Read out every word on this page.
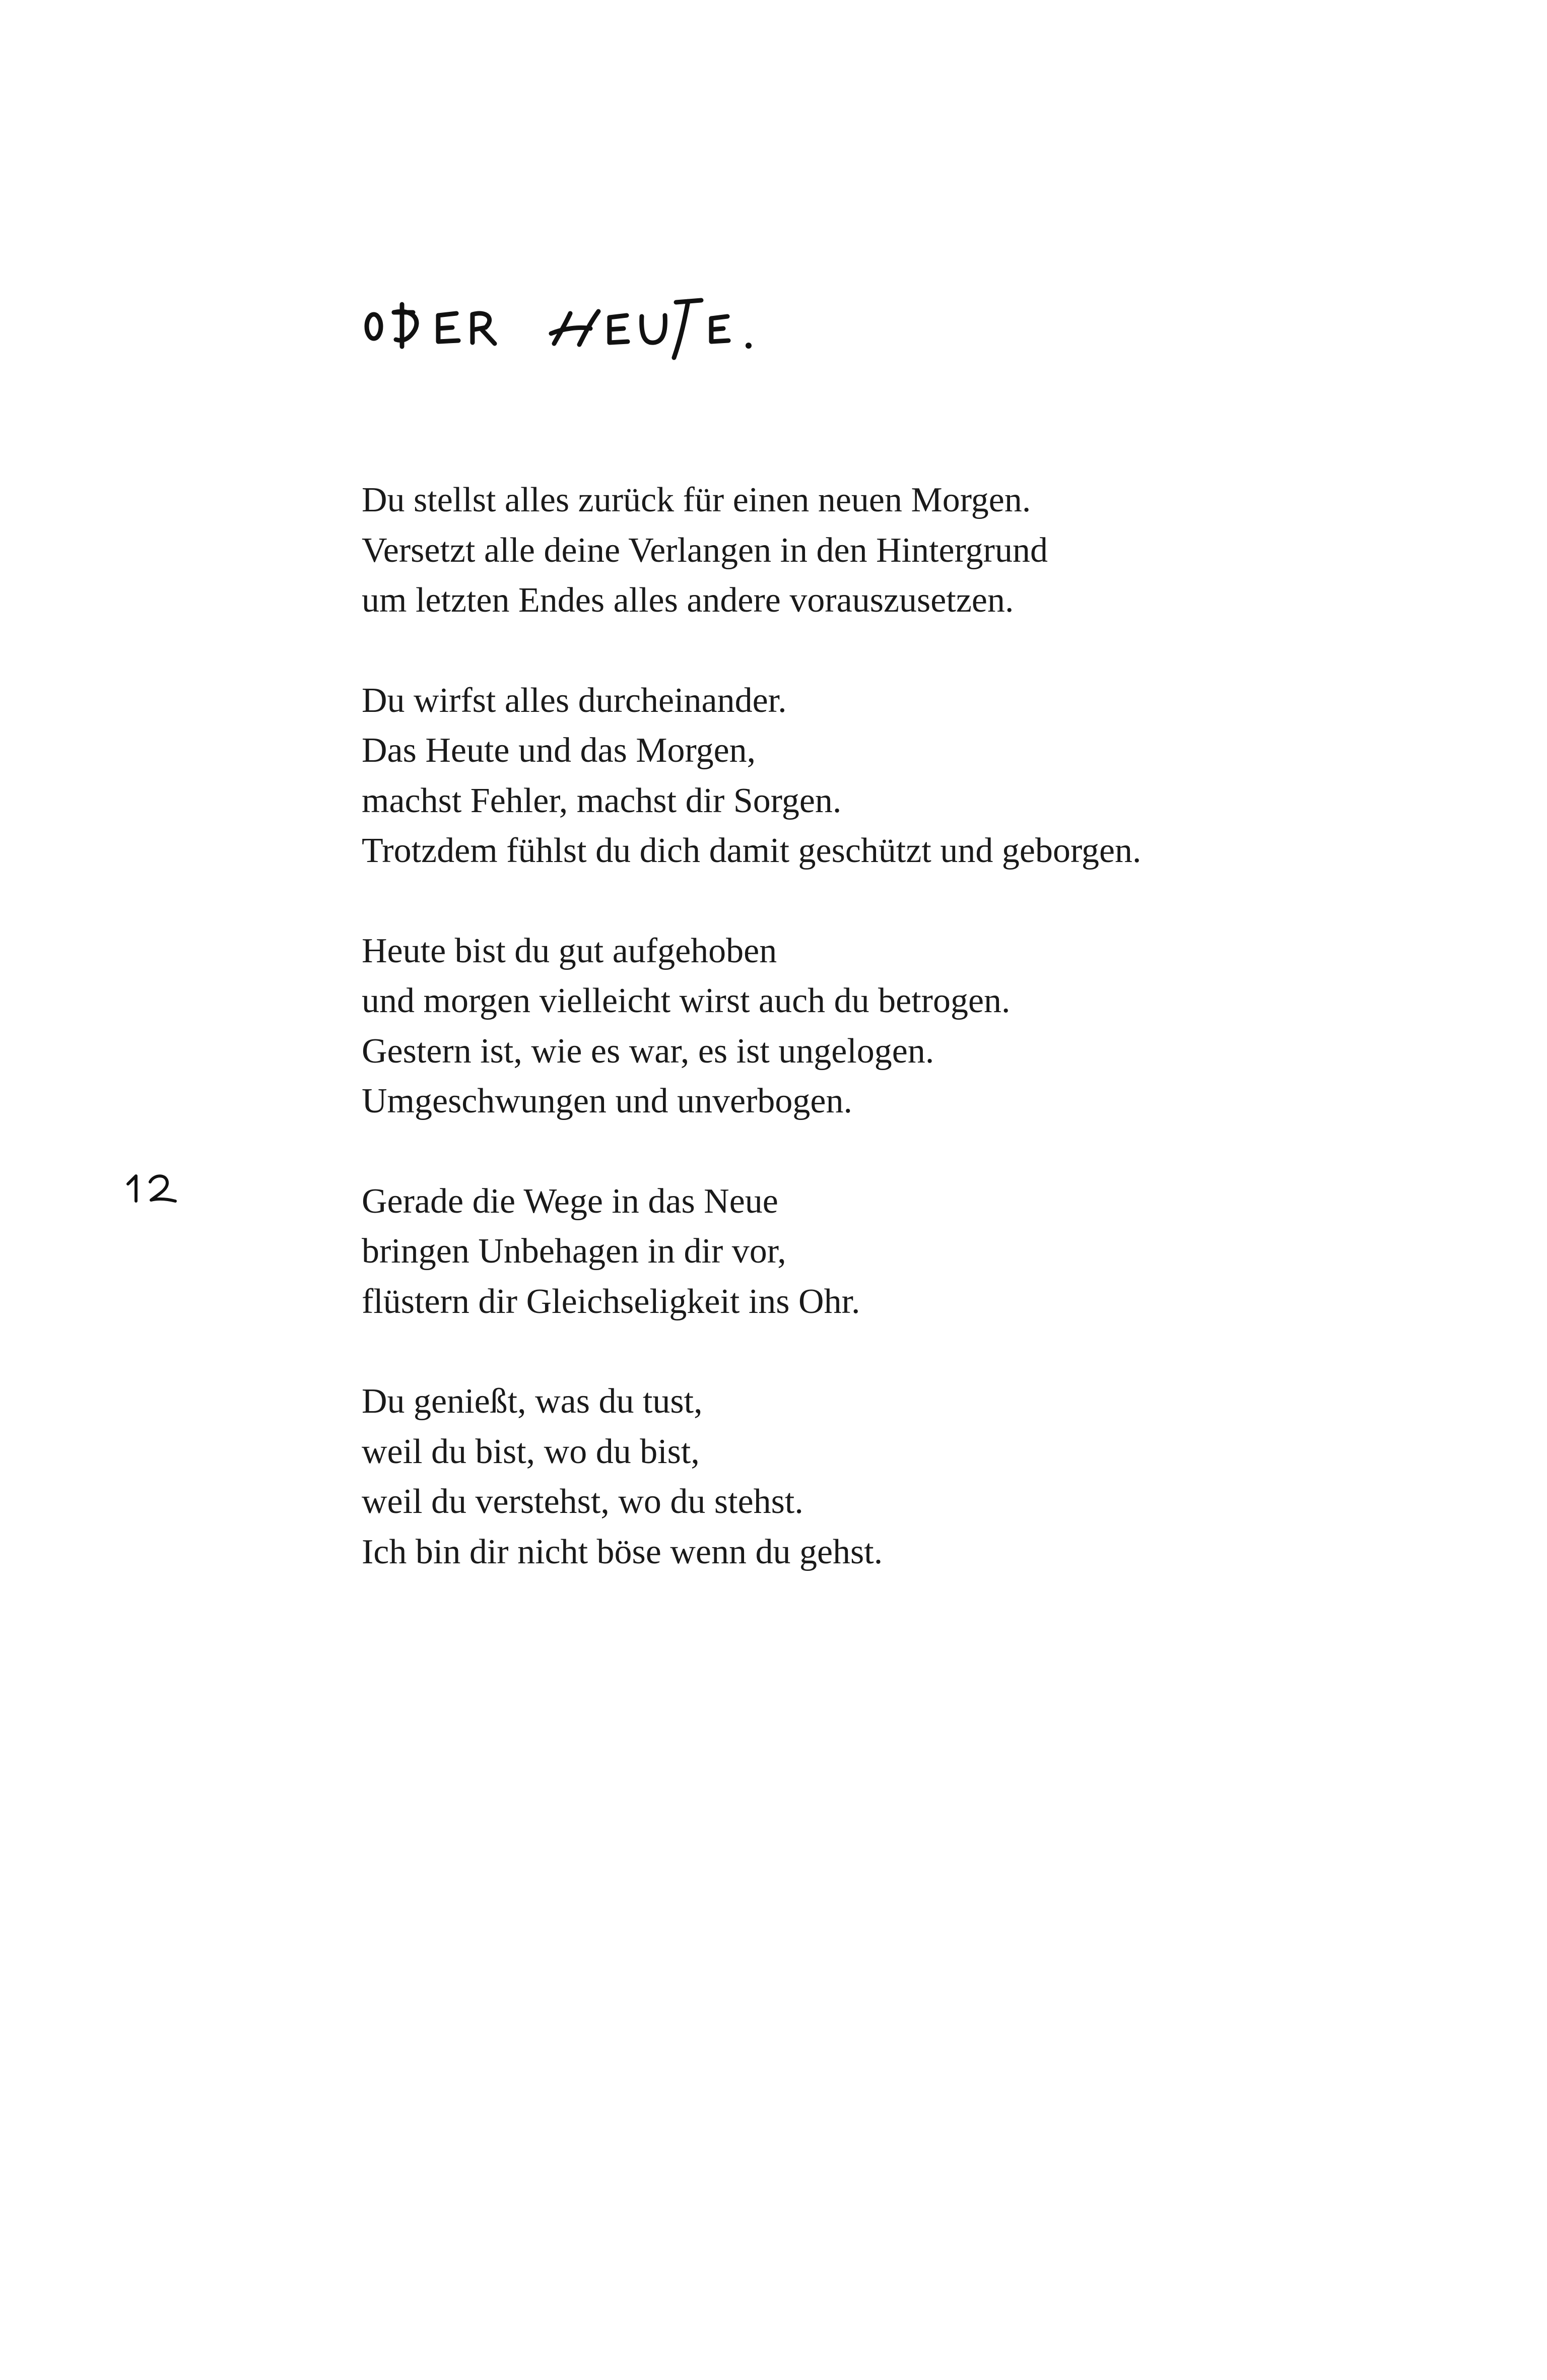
Du stellst alles zurück für einen neuen Morgen.
Versetzt alle deine Verlangen in den Hintergrund
um letzten Endes alles andere vorauszusetzen.
Du wirfst alles durcheinander.
Das Heute und das Morgen,
machst Fehler, machst dir Sorgen.
Trotzdem fühlst du dich damit geschützt und geborgen.
Heute bist du gut aufgehoben
und morgen vielleicht wirst auch du betrogen.
Gestern ist, wie es war, es ist ungelogen.
Umgeschwungen und unverbogen.
Gerade die Wege in das Neue
bringen Unbehagen in dir vor,
flüstern dir Gleichseligkeit ins Ohr.
Du genießt, was du tust,
weil du bist, wo du bist,
weil du verstehst, wo du stehst.
Ich bin dir nicht böse wenn du gehst.
